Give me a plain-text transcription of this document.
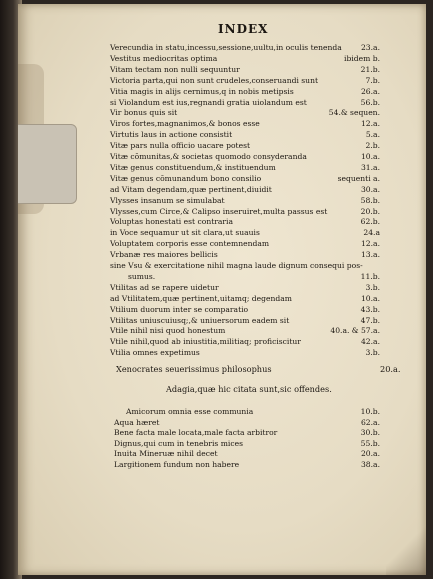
INDEX
Verecundia in statu,incessu,sessione,uultu,in oculis tenenda	23.a.
Vestitus mediocritas optima	ibidem b.
Vitam tectam non nulli sequuntur	21.b.
Victoria parta,qui non sunt crudeles,conseruandi sunt	7.b.
Vitia magis in alijs cernimus,q in nobis metipsis	26.a.
si Violandum est ius,regnandi gratia uiolandum est	56.b.
Vir bonus quis sit	54.& sequen.
Viros fortes,magnanimos,& bonos esse	12.a.
Virtutis laus in actione consistit	5.a.
Vitæ pars nulla officio uacare potest	2.b.
Vitæ cōmunitas,& societas quomodo consyderanda	10.a.
Vitæ genus constituendum,& instituendum	31.a.
Vitæ genus cōmunandum bono consilio	sequenti a.
ad Vitam degendam,quæ pertinent,diuidit	30.a.
Vlysses insanum se simulabat	58.b.
Vlysses,cum Circe,& Calipso inseruiret,multa passus est	20.b.
Voluptas honestati est contraria	62.b.
in Voce sequamur ut sit clara,ut suauis	24.a
Voluptatem corporis esse contemnendam	12.a.
Vrbanæ res maiores bellicis	13.a.
sine Vsu & exercitatione nihil magna laude dignum consequi pos-
sumus.	11.b.
Vtilitas ad se rapere uidetur	3.b.
ad Vtilitatem,quæ pertinent,uitamq; degendam	10.a.
Vtilium duorum inter se comparatio	43.b.
Vtilitas uniuscuiusq;,& uniuersorum eadem sit	47.b.
Vtile nihil nisi quod honestum	40.a. & 57.a.
Vtile nihil,quod ab iniustitia,militiaq; proficiscitur	42.a.
Vtilia omnes expetimus	3.b.
Xenocrates seuerissimus philosophus	20.a.
Adagia,quæ hic citata sunt,sic offendes.
Amicorum omnia esse communia	10.b.
Aqua hæret	62.a.
Bene facta male locata,male facta arbitror	30.b.
Dignus,qui cum in tenebris mices	55.b.
Inuita Mineruæ nihil decet	20.a.
Largitionem fundum non habere	38.a.
